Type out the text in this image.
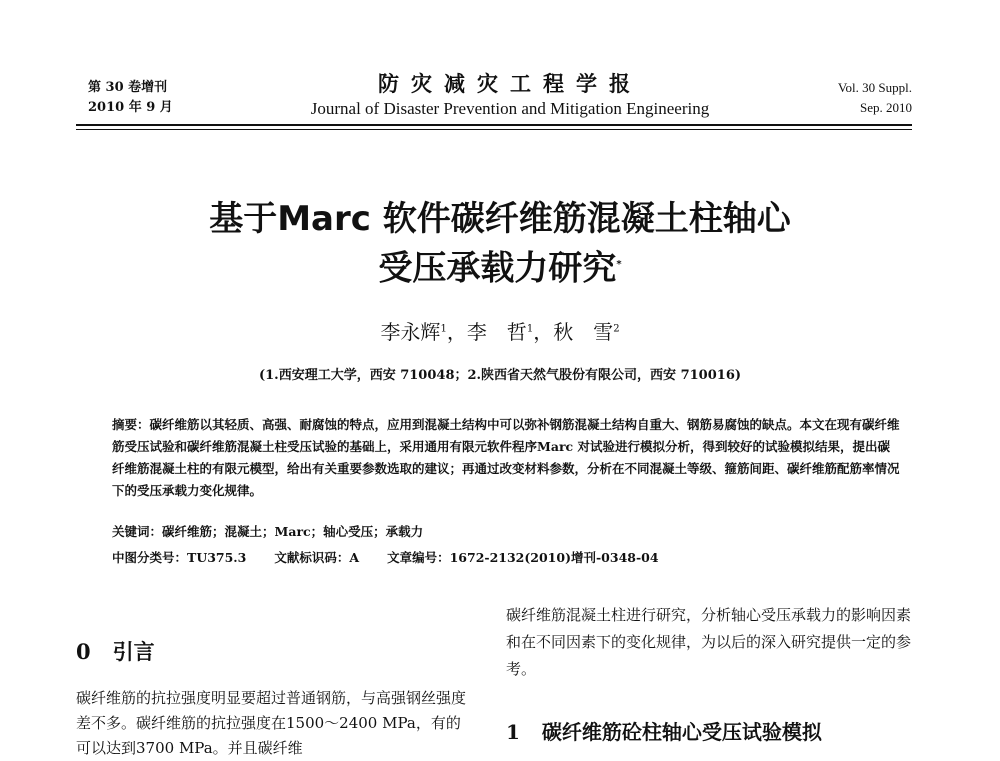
第 30 卷增刊
2010 年 9 月
防灾减灾工程学报
Journal of Disaster Prevention and Mitigation Engineering
Vol. 30 Suppl.
Sep. 2010
基于Marc 软件碳纤维筋混凝土柱轴心
受压承载力研究*
李永辉$^1$，李　哲$^1$，秋　雪$^2$
(1.西安理工大学，西安 710048；2.陕西省天然气股份有限公司，西安 710016)
摘要：碳纤维筋以其轻质、高强、耐腐蚀的特点，应用到混凝土结构中可以弥补钢筋混凝土结构自重大、钢筋易腐蚀的缺点。本文在现有碳纤维筋受压试验和碳纤维筋混凝土柱受压试验的基础上，采用通用有限元软件程序Marc 对试验进行模拟分析，得到较好的试验模拟结果，提出碳纤维筋混凝土柱的有限元模型，给出有关重要参数选取的建议；再通过改变材料参数，分析在不同混凝土等级、箍筋间距、碳纤维筋配筋率情况下的受压承载力变化规律。
关键词：碳纤维筋；混凝土；Marc；轴心受压；承载力
中图分类号：TU375.3 文献标识码：A 文章编号：1672-2132(2010)增刊-0348-04
0 引言
碳纤维筋的抗拉强度明显要超过普通钢筋，与高强钢丝强度差不多。碳纤维筋的抗拉强度在1500～2400 MPa，有的可以达到3700 MPa。并且碳纤维
碳纤维筋混凝土柱进行研究，分析轴心受压承载力的影响因素和在不同因素下的变化规律，为以后的深入研究提供一定的参考。
1 碳纤维筋砼柱轴心受压试验模拟
